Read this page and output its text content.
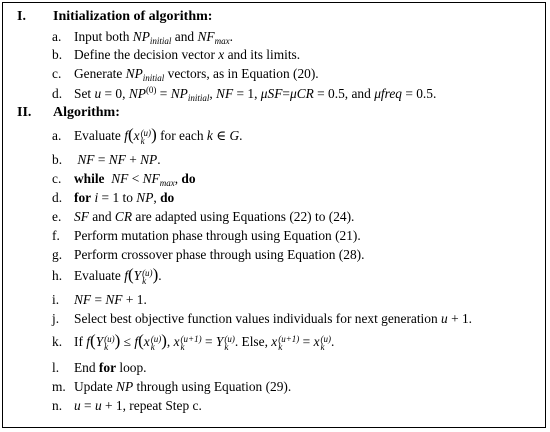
I. Initialization of algorithm:
a. Input both $NP_{initial}$ and $NF_{max}$.
b. Define the decision vector x and its limits.
c. Generate $NP_{initial}$ vectors, as in Equation (20).
d. Set u = 0, $NP^{(0)} = NP_{initial}$, NF = 1, μSF=μCR = 0.5, and μfreq = 0.5.
II. Algorithm:
a. Evaluate f(x (u)
k ) for each k ∈ G.
b. NF = NF + NP.
c. while NF < $NF_{max}$, do
d. for i = 1 to NP, do
e. SF and CR are adapted using Equations (22) to (24).
f. Perform mutation phase through using Equation (21).
g. Perform crossover phase through using Equation (28).
h. Evaluate f(Y (u)
k ).
i. NF = NF + 1.
j. Select best objective function values individuals for next generation u + 1.
k. If f(Y (u)
k ) ≤ f(x (u)
k ), x (u+1)
k	= Y (u)
k . Else, x (u+1)
k	= x (u)
k .
l. End for loop.
m. Update NP through using Equation (29).
n. u = u + 1, repeat Step c.
